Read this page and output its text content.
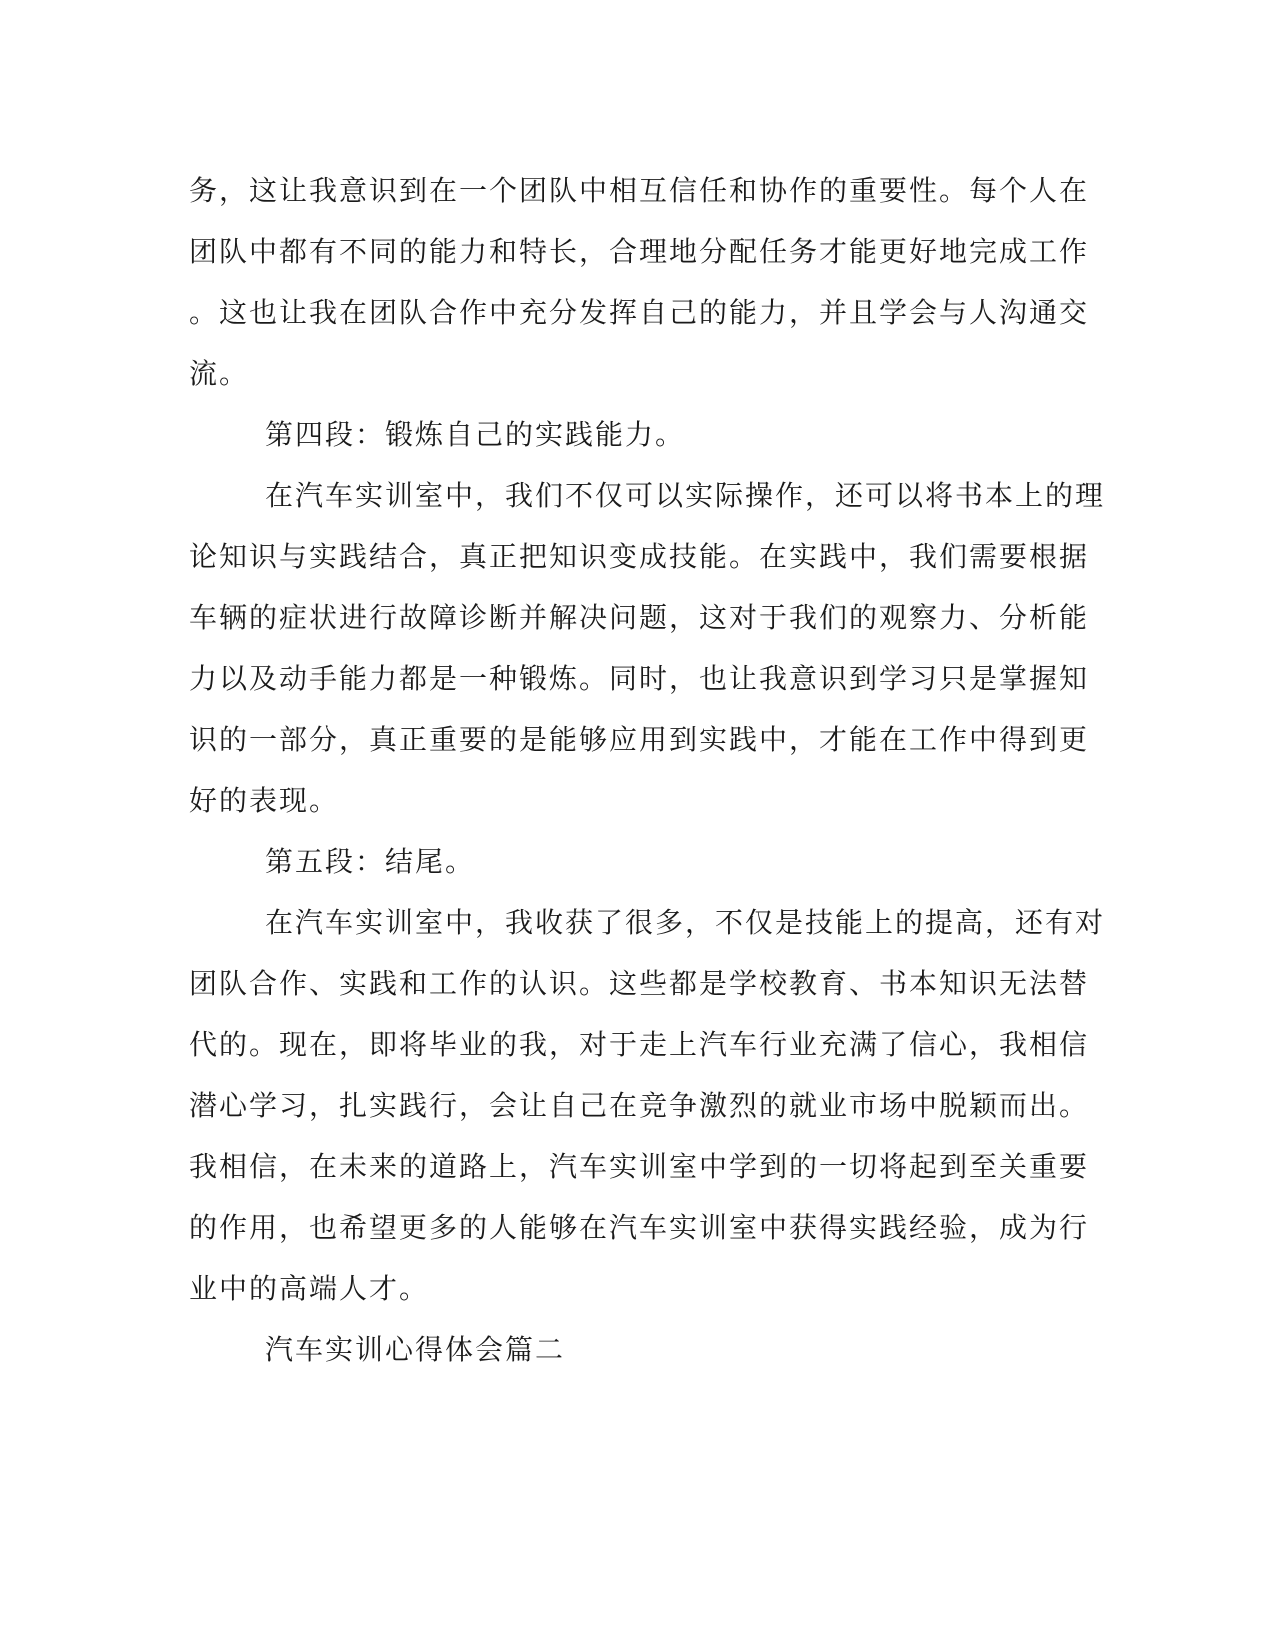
务，这让我意识到在一个团队中相互信任和协作的重要性。每个人在
团队中都有不同的能力和特长，合理地分配任务才能更好地完成工作
。这也让我在团队合作中充分发挥自己的能力，并且学会与人沟通交
流。
第四段：锻炼自己的实践能力。
在汽车实训室中，我们不仅可以实际操作，还可以将书本上的理
论知识与实践结合，真正把知识变成技能。在实践中，我们需要根据
车辆的症状进行故障诊断并解决问题，这对于我们的观察力、分析能
力以及动手能力都是一种锻炼。同时，也让我意识到学习只是掌握知
识的一部分，真正重要的是能够应用到实践中，才能在工作中得到更
好的表现。
第五段：结尾。
在汽车实训室中，我收获了很多，不仅是技能上的提高，还有对
团队合作、实践和工作的认识。这些都是学校教育、书本知识无法替
代的。现在，即将毕业的我，对于走上汽车行业充满了信心，我相信
潜心学习，扎实践行，会让自己在竞争激烈的就业市场中脱颖而出。
我相信，在未来的道路上，汽车实训室中学到的一切将起到至关重要
的作用，也希望更多的人能够在汽车实训室中获得实践经验，成为行
业中的高端人才。
汽车实训心得体会篇二
